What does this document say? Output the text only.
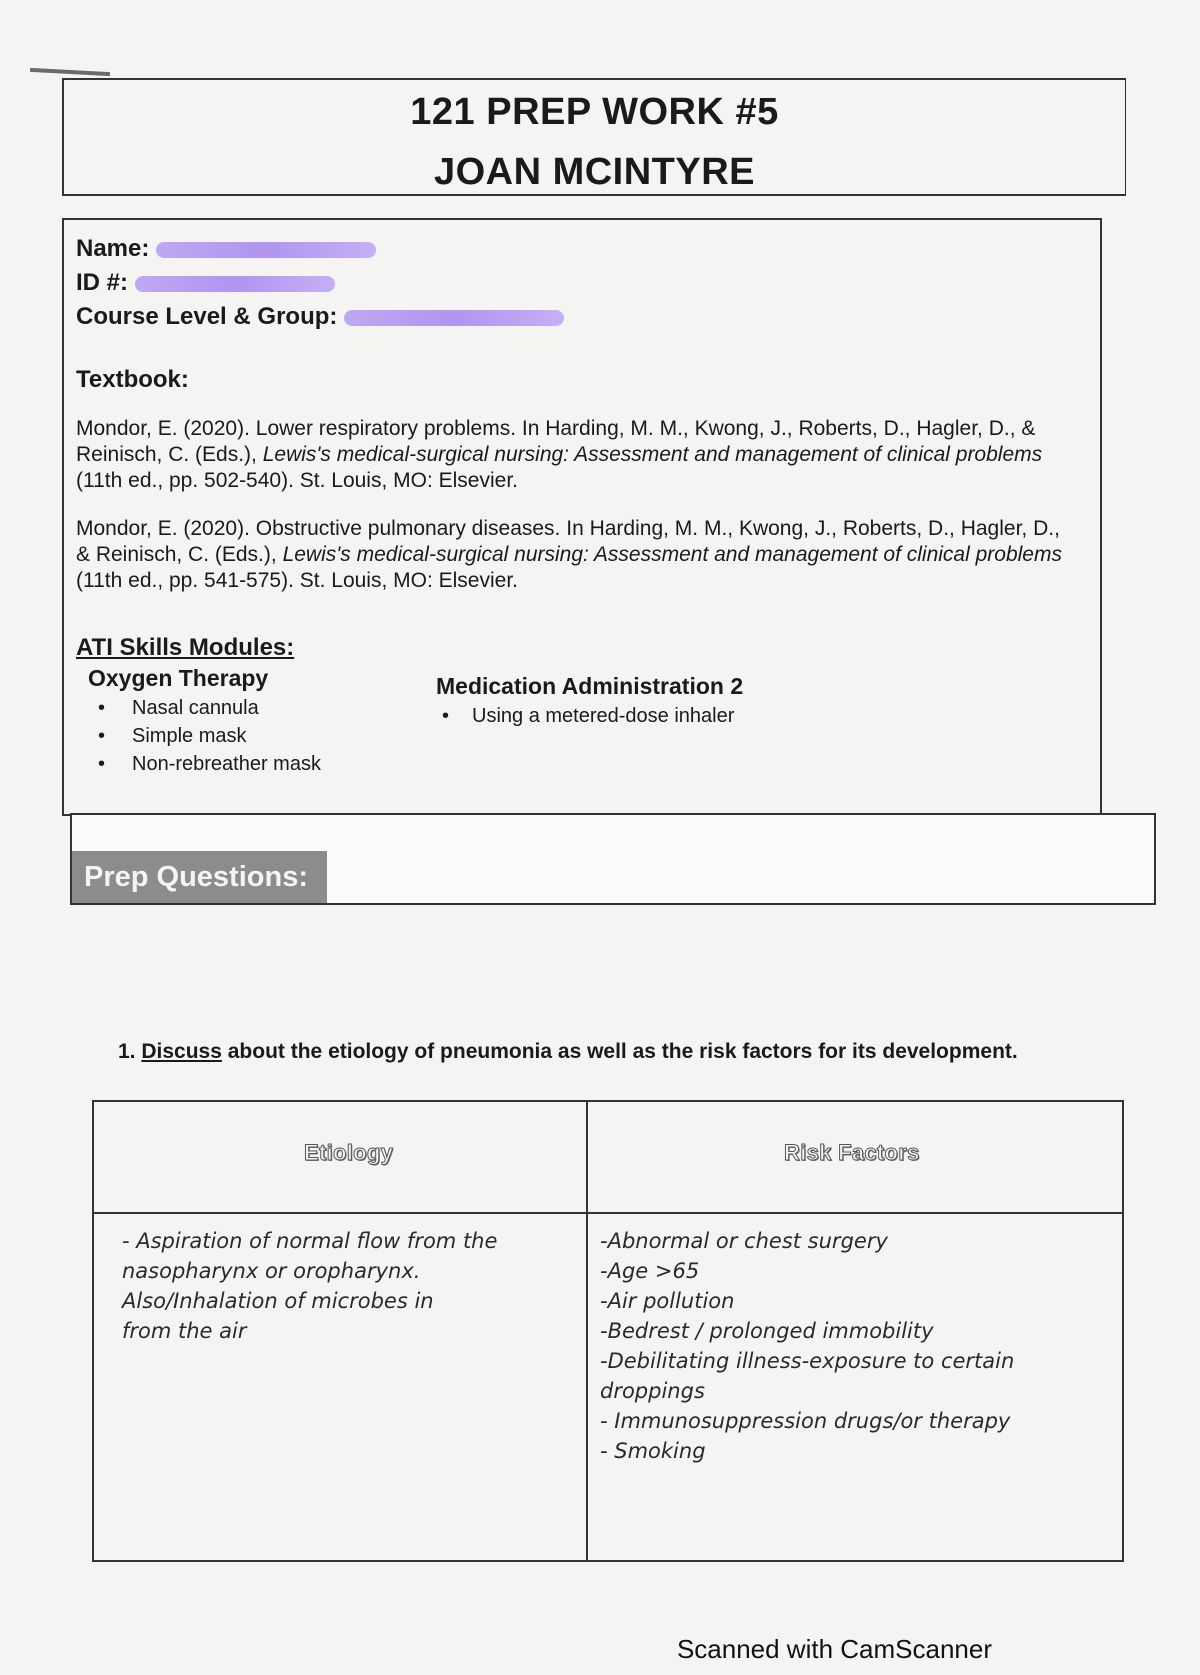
121 PREP WORK #5
JOAN MCINTYRE
Name:
ID #:
Course Level & Group:
Textbook:
Mondor, E. (2020). Lower respiratory problems. In Harding, M. M., Kwong, J., Roberts, D., Hagler, D., & Reinisch, C. (Eds.), Lewis's medical-surgical nursing: Assessment and management of clinical problems (11th ed., pp. 502-540). St. Louis, MO: Elsevier.
Mondor, E. (2020). Obstructive pulmonary diseases. In Harding, M. M., Kwong, J., Roberts, D., Hagler, D., & Reinisch, C. (Eds.), Lewis's medical-surgical nursing: Assessment and management of clinical problems (11th ed., pp. 541-575). St. Louis, MO: Elsevier.
ATI Skills Modules:
Oxygen Therapy
• Nasal cannula
• Simple mask
• Non-rebreather mask
Medication Administration 2
• Using a metered-dose inhaler
Prep Questions:
1. Discuss about the etiology of pneumonia as well as the risk factors for its development.
Etiology	Risk Factors
- Aspiration of normal flow from the
nasopharynx or oropharynx.
Also/Inhalation of microbes in
from the air
-Abnormal or chest surgery
-Age >65
-Air pollution
-Bedrest / prolonged immobility
-Debilitating illness-exposure to certain
droppings
- Immunosuppression drugs/or therapy
- Smoking
Scanned with CamScanner
